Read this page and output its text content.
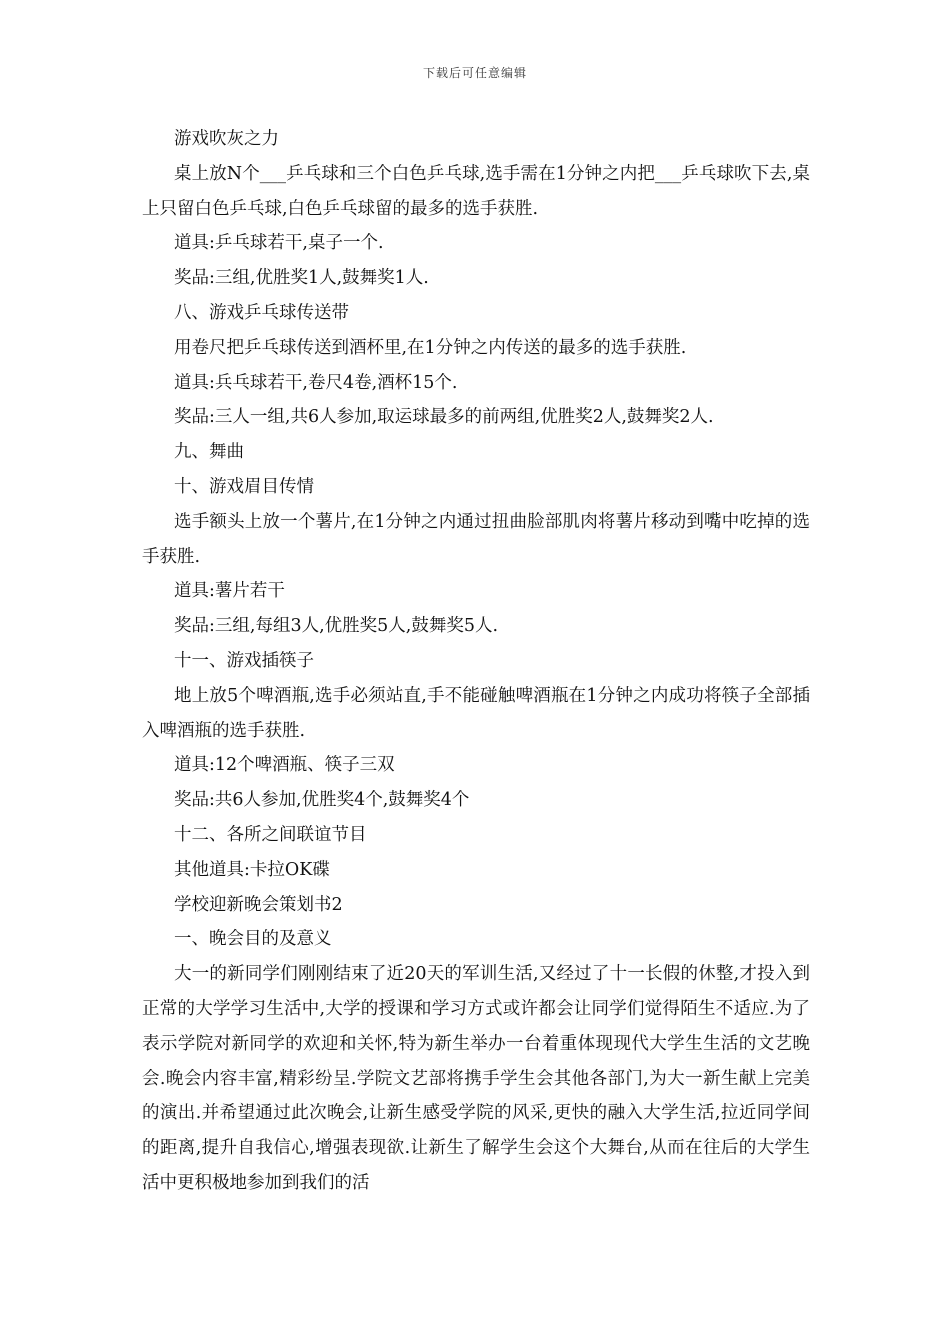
下载后可任意编辑

游戏吹灰之力

桌上放N个___乒乓球和三个白色乒乓球,选手需在1分钟之内把___乒乓球吹下去,桌上只留白色乒乓球,白色乒乓球留的最多的选手获胜.

道具:乒乓球若干,桌子一个.

奖品:三组,优胜奖1人,鼓舞奖1人.

八、游戏乒乓球传送带

用卷尺把乒乓球传送到酒杯里,在1分钟之内传送的最多的选手获胜.

道具:兵乓球若干,卷尺4卷,酒杯15个.

奖品:三人一组,共6人参加,取运球最多的前两组,优胜奖2人,鼓舞奖2人.

九、舞曲

十、游戏眉目传情

选手额头上放一个薯片,在1分钟之内通过扭曲脸部肌肉将薯片移动到嘴中吃掉的选手获胜.

道具:薯片若干

奖品:三组,每组3人,优胜奖5人,鼓舞奖5人.

十一、游戏插筷子

地上放5个啤酒瓶,选手必须站直,手不能碰触啤酒瓶在1分钟之内成功将筷子全部插入啤酒瓶的选手获胜.

道具:12个啤酒瓶、筷子三双

奖品:共6人参加,优胜奖4个,鼓舞奖4个

十二、各所之间联谊节目

其他道具:卡拉OK碟

学校迎新晚会策划书2

一、晚会目的及意义

大一的新同学们刚刚结束了近20天的军训生活,又经过了十一长假的休整,才投入到正常的大学学习生活中,大学的授课和学习方式或许都会让同学们觉得陌生不适应.为了表示学院对新同学的欢迎和关怀,特为新生举办一台着重体现现代大学生生活的文艺晚会.晚会内容丰富,精彩纷呈.学院文艺部将携手学生会其他各部门,为大一新生献上完美的演出.并希望通过此次晚会,让新生感受学院的风采,更快的融入大学生活,拉近同学间的距离,提升自我信心,增强表现欲.让新生了解学生会这个大舞台,从而在往后的大学生活中更积极地参加到我们的活
